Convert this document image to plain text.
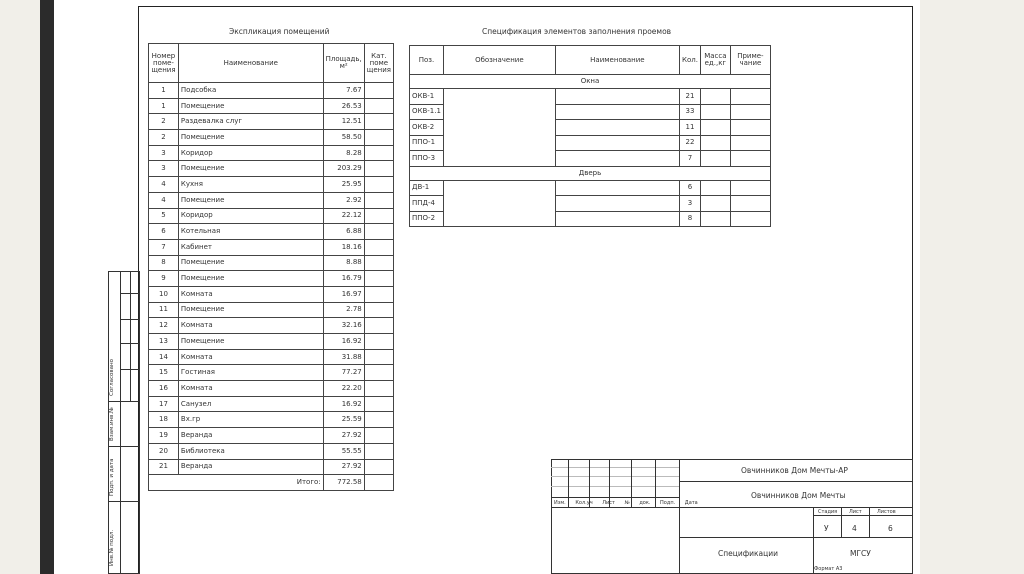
Экспликация помещений	Спецификация элементов заполнения проемов
Номер поме-щения	Наименование	Площадь, м²	Кат. поме щения
1	Подсобка	7.67	
1	Помещение	26.53	
2	Раздевалка слуг	12.51	
2	Помещение	58.50	
3	Коридор	8.28	
3	Помещение	203.29	
4	Кухня	25.95	
4	Помещение	2.92	
5	Коридор	22.12	
6	Котельная	6.88	
7	Кабинет	18.16	
8	Помещение	8.88	
9	Помещение	16.79	
10	Комната	16.97	
11	Помещение	2.78	
12	Комната	32.16	
13	Помещение	16.92	
14	Комната	31.88	
15	Гостиная	77.27	
16	Комната	22.20	
17	Санузел	16.92	
18	Вх.гр	25.59	
19	Веранда	27.92	
20	Библиотека	55.55	
21	Веранда	27.92	
Итого:		772.58	
Поз.	Обозначение	Наименование	Кол.	Масса ед.,кг	Приме-чание
Окна					
ОКВ-1			21		
ОКВ-1.1			33		
ОКВ-2			11		
ППО-1			22		
ППО-3			7		
Дверь					
ДВ-1			6		
ППД-4			3		
ППО-2			8		
Согласовано
Взам.инв.№
Подп. и дата
Инв.№ подл.
Изм. Кол.уч Лист № док. Подп. Дата
Овчинников Дом Мечты-АР
Овчинников Дом Мечты
Стадия Лист	Листов
У	4	6
Спецификации	МГСУ
Формат А3
